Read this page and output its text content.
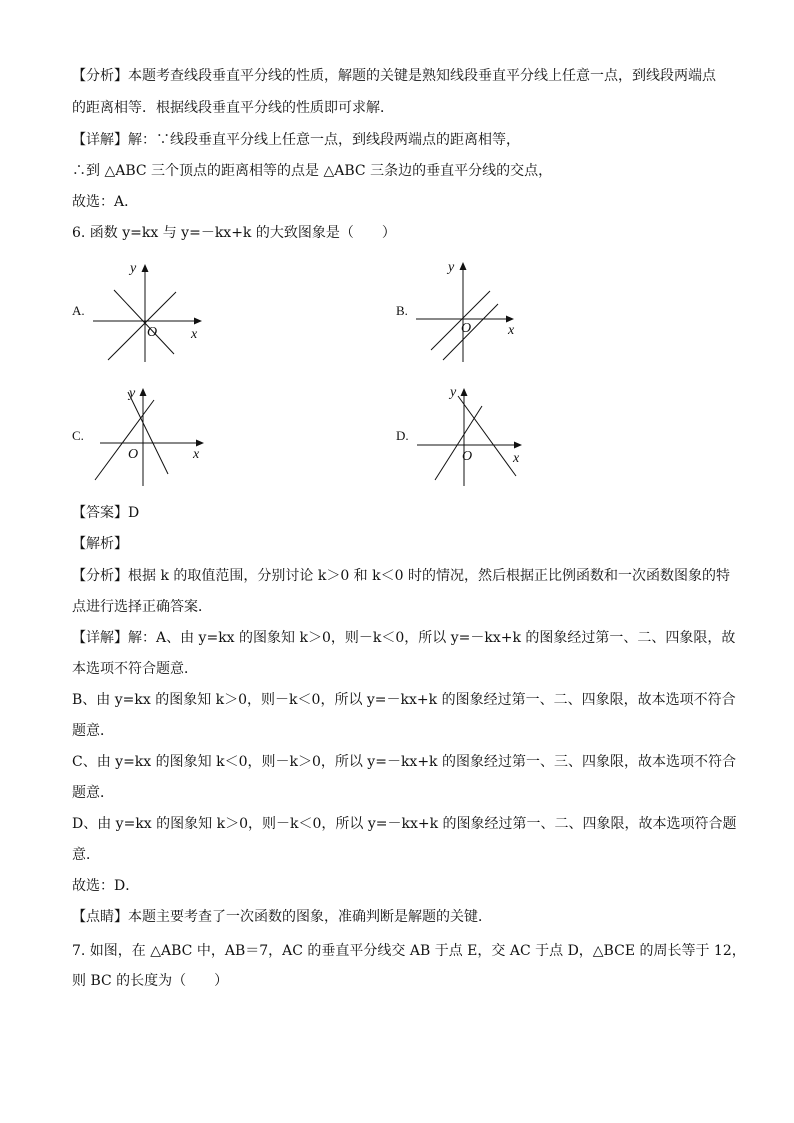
【分析】本题考查线段垂直平分线的性质，解题的关键是熟知线段垂直平分线上任意一点，到线段两端点
的距离相等．根据线段垂直平分线的性质即可求解．
【详解】解：∵线段垂直平分线上任意一点，到线段两端点的距离相等，
∴到 △ABC 三个顶点的距离相等的点是 △ABC 三条边的垂直平分线的交点，
故选：A．
6. 函数 y=kx 与 y=－kx+k 的大致图象是（　　）
A.
y
O x
B.
y
O	x
C.
y
O	x
D.
y
O	x
【答案】D
【解析】
【分析】根据 k 的取值范围，分别讨论 k＞0 和 k＜0 时的情况，然后根据正比例函数和一次函数图象的特
点进行选择正确答案．
【详解】解：A、由 y=kx 的图象知 k＞0，则－k＜0，所以 y=－kx+k 的图象经过第一、二、四象限，故
本选项不符合题意．
B、由 y=kx 的图象知 k＞0，则－k＜0，所以 y=－kx+k 的图象经过第一、二、四象限，故本选项不符合
题意．
C、由 y=kx 的图象知 k＜0，则－k＞0，所以 y=－kx+k 的图象经过第一、三、四象限，故本选项不符合
题意．
D、由 y=kx 的图象知 k＞0，则－k＜0，所以 y=－kx+k 的图象经过第一、二、四象限，故本选项符合题
意．
故选：D．
【点睛】本题主要考查了一次函数的图象，准确判断是解题的关键．
7. 如图，在 △ABC 中，AB＝7，AC 的垂直平分线交 AB 于点 E，交 AC 于点 D，△BCE 的周长等于 12，
则 BC 的长度为（　　）
